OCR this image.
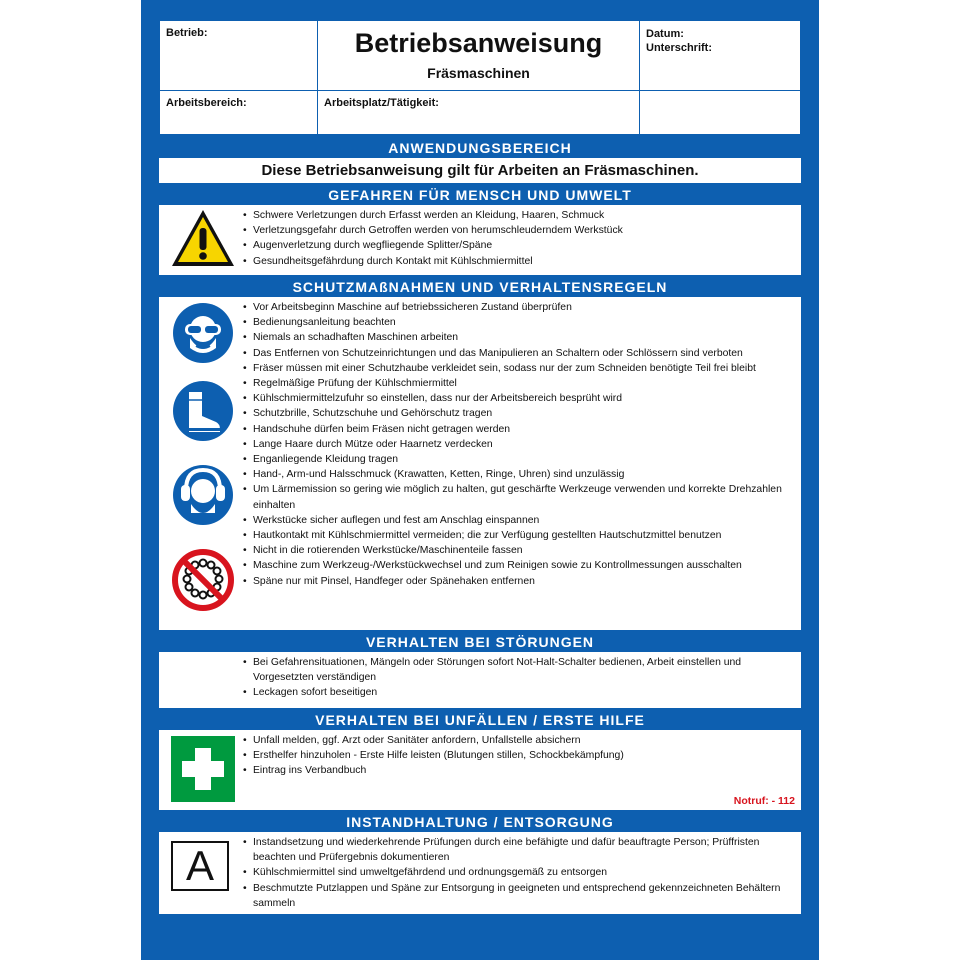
Betrieb:	Betriebsanweisung
Fräsmaschinen
Datum:
Unterschrift:
Arbeitsbereich:	Arbeitsplatz/Tätigkeit:
ANWENDUNGSBEREICH
Diese Betriebsanweisung gilt für Arbeiten an Fräsmaschinen.
GEFAHREN FÜR MENSCH UND UMWELT
• Schwere Verletzungen durch Erfasst werden an Kleidung, Haaren, Schmuck
• Verletzungsgefahr durch Getroffen werden von herumschleuderndem Werkstück
• Augenverletzung durch wegfliegende Splitter/Späne
• Gesundheitsgefährdung durch Kontakt mit Kühlschmiermittel
SCHUTZMAßNAHMEN UND VERHALTENSREGELN
• Vor Arbeitsbeginn Maschine auf betriebssicheren Zustand überprüfen
• Bedienungsanleitung beachten
• Niemals an schadhaften Maschinen arbeiten
• Das Entfernen von Schutzeinrichtungen und das Manipulieren an Schaltern oder Schlössern sind verboten
• Fräser müssen mit einer Schutzhaube verkleidet sein, sodass nur der zum Schneiden benötigte Teil frei bleibt
• Regelmäßige Prüfung der Kühlschmiermittel
• Kühlschmiermittelzufuhr so einstellen, dass nur der Arbeitsbereich besprüht wird
• Schutzbrille, Schutzschuhe und Gehörschutz tragen
• Handschuhe dürfen beim Fräsen nicht getragen werden
• Lange Haare durch Mütze oder Haarnetz verdecken
• Enganliegende Kleidung tragen
• Hand-, Arm-und Halsschmuck (Krawatten, Ketten, Ringe, Uhren) sind unzulässig
• Um Lärmemission so gering wie möglich zu halten, gut geschärfte Werkzeuge verwenden und korrekte Drehzahlen einhalten
• Werkstücke sicher auflegen und fest am Anschlag einspannen
• Hautkontakt mit Kühlschmiermittel vermeiden; die zur Verfügung gestellten Hautschutzmittel benutzen
• Nicht in die rotierenden Werkstücke/Maschinenteile fassen
• Maschine zum Werkzeug-/Werkstückwechsel und zum Reinigen sowie zu Kontrollmessungen ausschalten
• Späne nur mit Pinsel, Handfeger oder Spänehaken entfernen
VERHALTEN BEI STÖRUNGEN
• Bei Gefahrensituationen, Mängeln oder Störungen sofort Not-Halt-Schalter bedienen, Arbeit einstellen und Vorgesetzten verständigen
• Leckagen sofort beseitigen
VERHALTEN BEI UNFÄLLEN / ERSTE HILFE
• Unfall melden, ggf. Arzt oder Sanitäter anfordern, Unfallstelle absichern
• Ersthelfer hinzuholen - Erste Hilfe leisten (Blutungen stillen, Schockbekämpfung)
• Eintrag ins Verbandbuch
Notruf: - 112
INSTANDHALTUNG / ENTSORGUNG
A
•	Instandsetzung und wiederkehrende Prüfungen durch eine befähigte und dafür beauftragte Person; Prüffristen beachten und Prüfergebnis dokumentieren
• Kühlschmiermittel sind umweltgefährdend und ordnungsgemäß zu entsorgen
• Beschmutzte Putzlappen und Späne zur Entsorgung in geeigneten und entsprechend gekennzeichneten Behältern sammeln
